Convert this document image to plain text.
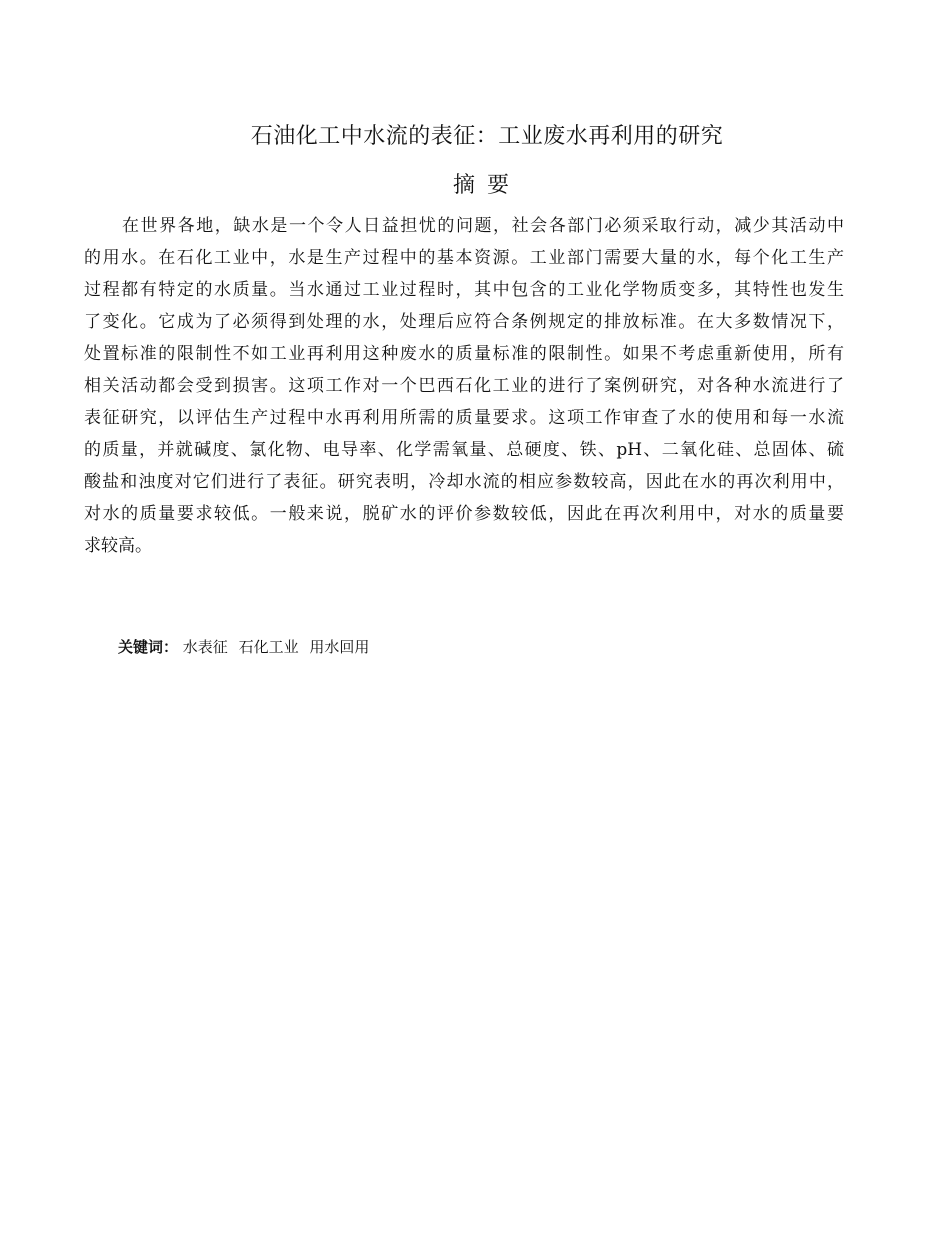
石油化工中水流的表征：工业废水再利用的研究
摘要
在世界各地，缺水是一个令人日益担忧的问题，社会各部门必须采取行动，减少其活动中
的用水。在石化工业中，水是生产过程中的基本资源。工业部门需要大量的水，每个化工生产
过程都有特定的水质量。当水通过工业过程时，其中包含的工业化学物质变多，其特性也发生
了变化。它成为了必须得到处理的水，处理后应符合条例规定的排放标准。在大多数情况下，
处置标准的限制性不如工业再利用这种废水的质量标准的限制性。如果不考虑重新使用，所有
相关活动都会受到损害。这项工作对一个巴西石化工业的进行了案例研究，对各种水流进行了
表征研究，以评估生产过程中水再利用所需的质量要求。这项工作审查了水的使用和每一水流
的质量，并就碱度、氯化物、电导率、化学需氧量、总硬度、铁、pH、二氧化硅、总固体、硫
酸盐和浊度对它们进行了表征。研究表明，冷却水流的相应参数较高，因此在水的再次利用中，
对水的质量要求较低。一般来说，脱矿水的评价参数较低，因此在再次利用中，对水的质量要
求较高。
关键词： 水表征 石化工业 用水回用
